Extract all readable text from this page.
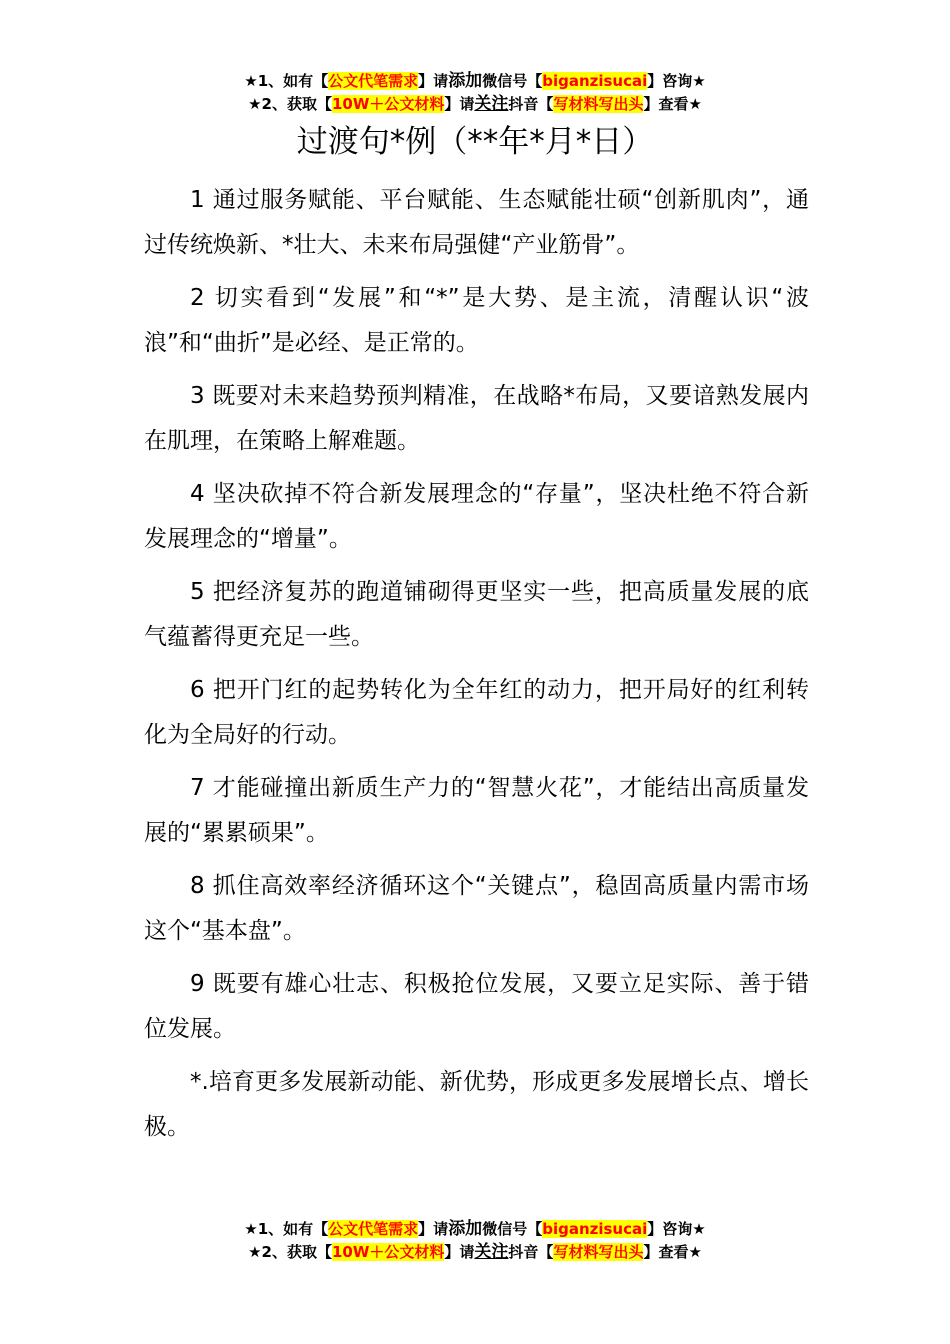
★1、如有【公文代笔需求】请添加微信号【biganzisucai】咨询★
★2、获取【10W＋公文材料】请关注抖音【写材料写出头】查看★
过渡句*例（**年*月*日）

1 通过服务赋能、平台赋能、生态赋能壮硕“创新肌肉”，通过传统焕新、*壮大、未来布局强健“产业筋骨”。

2 切实看到“发展”和“*”是大势、是主流，清醒认识“波浪”和“曲折”是必经、是正常的。

3 既要对未来趋势预判精准，在战略*布局，又要谙熟发展内在肌理，在策略上解难题。

4 坚决砍掉不符合新发展理念的“存量”，坚决杜绝不符合新发展理念的“增量”。

5 把经济复苏的跑道铺砌得更坚实一些，把高质量发展的底气蕴蓄得更充足一些。

6 把开门红的起势转化为全年红的动力，把开局好的红利转化为全局好的行动。

7 才能碰撞出新质生产力的“智慧火花”，才能结出高质量发展的“累累硕果”。

8 抓住高效率经济循环这个“关键点”，稳固高质量内需市场这个“基本盘”。

9 既要有雄心壮志、积极抢位发展，又要立足实际、善于错位发展。

*.培育更多发展新动能、新优势，形成更多发展增长点、增长极。

★1、如有【公文代笔需求】请添加微信号【biganzisucai】咨询★
★2、获取【10W＋公文材料】请关注抖音【写材料写出头】查看★
